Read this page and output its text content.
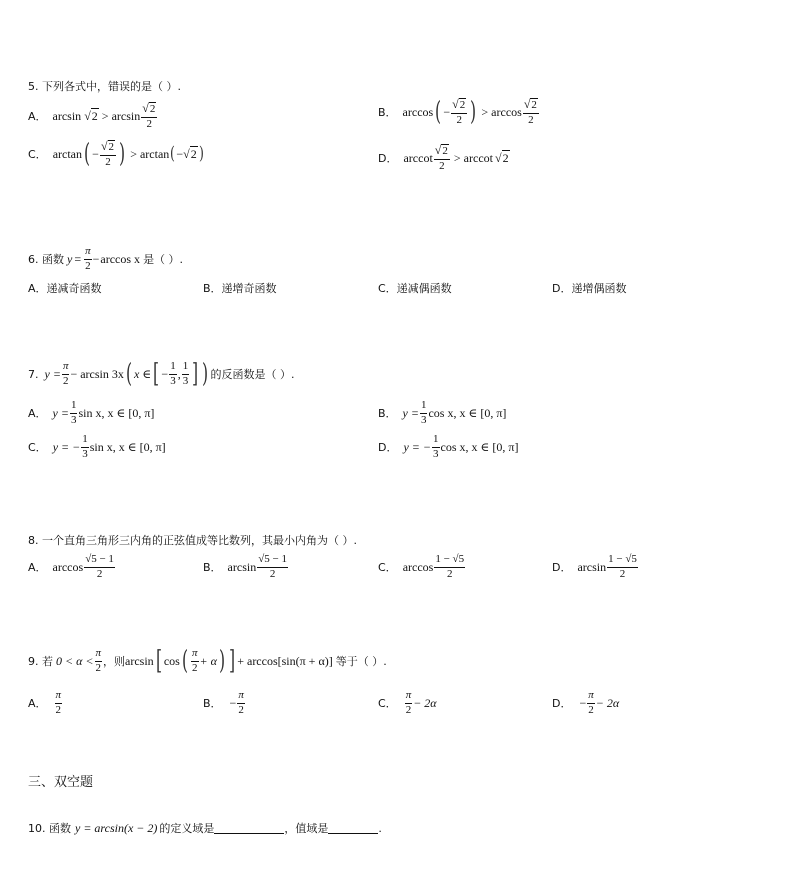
5. 下列各式中，错误的是（ ）.
A． $\arcsin √2 > \arcsin \frac{√2}{2}$	B． arccos ( − $\frac{√2}{2}$ ) > $\arccos \frac{√2}{2}$
C． arctan ( − $\frac{√2}{2}$ ) > arctan ( − √2 )	D． arccot $\frac{√2}{2} > arccot$ √2
6. 函数 $y = \frac{\pi}{2} - \arccos x$ 是（ ）.
A．递减奇函数	B．递增奇函数	C．递减偶函数	D．递增偶函数
7. $y = \frac{\pi}{2} - \arcsin 3x$ ( x ∈ [ − $\frac{1}{3}$ , $\frac{1}{3}$ ] ) 的反函数是（ ）.
A． $y = \frac{1}{3}$ sin x, x ∈ [0, π]	B． $y = \frac{1}{3}$ cos x, x ∈ [0, π]
C． y = − $\frac{1}{3}$ sin x, x ∈ [0, π]	D． y = − $\frac{1}{3}$ cos x, x ∈ [0, π]
8. 一个直角三角形三内角的正弦值成等比数列，其最小内角为（ ）.
A． $\arccos \frac{√5 - 1}{2}$	B． $\arcsin \frac{√5 - 1}{2}$	C． $\arccos \frac{1 - √5}{2}$	D． $\arcsin \frac{1 - √5}{2}$
9. 若 $0 < \alpha < \frac{\pi}{2}$ ，则 arcsin [ cos ( $\frac{\pi}{2} + \alpha$ ) ] + arccos[sin(π + α)] 等于（ ）.
A． $\frac{\pi}{2}$	B． − $\frac{\pi}{2}$	C． $\frac{\pi}{2} - 2\alpha$	D． − $\frac{\pi}{2} - 2\alpha$
三、双空题
10. 函数 y = arcsin(x − 2) 的定义域是	，值域是	.
